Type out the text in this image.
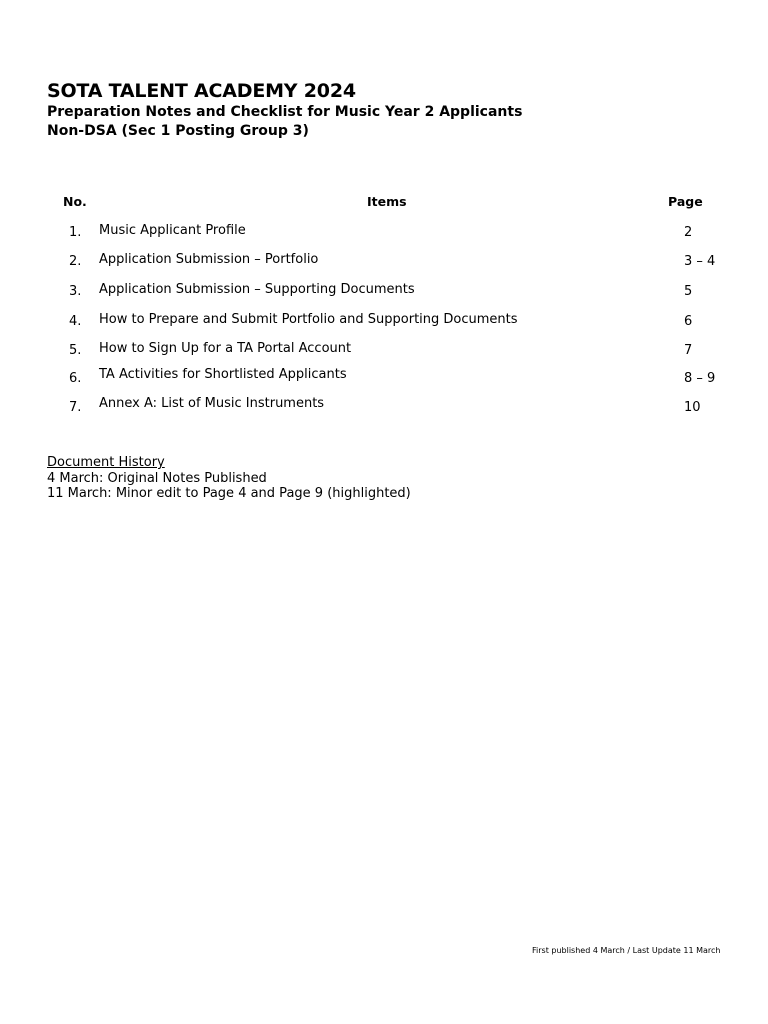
SOTA TALENT ACADEMY 2024
Preparation Notes and Checklist for Music Year 2 Applicants
Non-DSA (Sec 1 Posting Group 3)
No.	Items	Page
1. Music Applicant Profile	2
2. Application Submission – Portfolio	3 – 4
3. Application Submission – Supporting Documents	5
4. How to Prepare and Submit Portfolio and Supporting Documents	6
5. How to Sign Up for a TA Portal Account	7
6. TA Activities for Shortlisted Applicants	8 – 9
7. Annex A: List of Music Instruments	10
Document History
4 March: Original Notes Published
11 March: Minor edit to Page 4 and Page 9 (highlighted)
First published 4 March / Last Update 11 March
